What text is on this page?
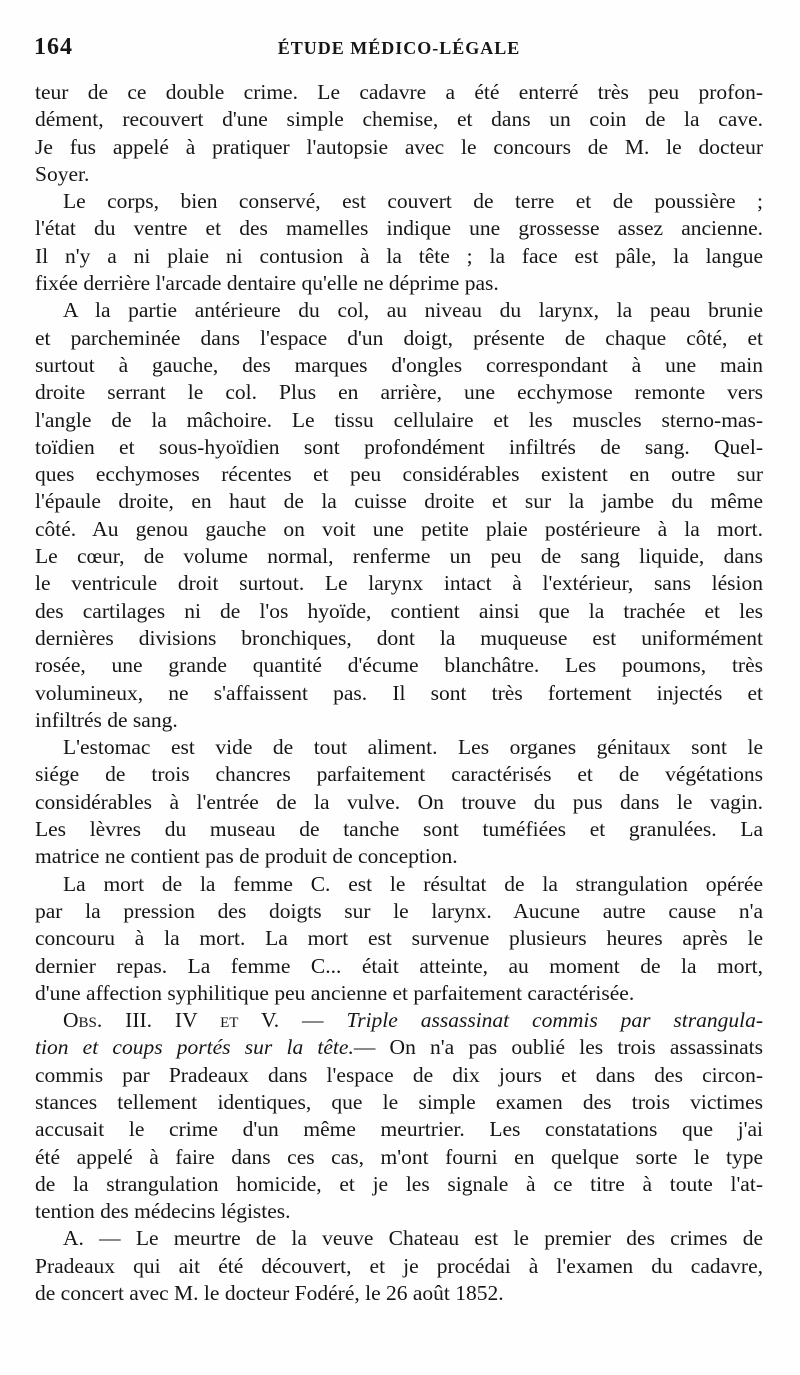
164	ÉTUDE MÉDICO-LÉGALE
teur de ce double crime. Le cadavre a été enterré très peu profon-
dément, recouvert d'une simple chemise, et dans un coin de la cave.
Je fus appelé à pratiquer l'autopsie avec le concours de M. le docteur
Soyer.
Le corps, bien conservé, est couvert de terre et de poussière ;
l'état du ventre et des mamelles indique une grossesse assez ancienne.
Il n'y a ni plaie ni contusion à la tête ; la face est pâle, la langue
fixée derrière l'arcade dentaire qu'elle ne déprime pas.
A la partie antérieure du col, au niveau du larynx, la peau brunie
et parcheminée dans l'espace d'un doigt, présente de chaque côté, et
surtout à gauche, des marques d'ongles correspondant à une main
droite serrant le col. Plus en arrière, une ecchymose remonte vers
l'angle de la mâchoire. Le tissu cellulaire et les muscles sterno-mas-
toïdien et sous-hyoïdien sont profondément infiltrés de sang. Quel-
ques ecchymoses récentes et peu considérables existent en outre sur
l'épaule droite, en haut de la cuisse droite et sur la jambe du même
côté. Au genou gauche on voit une petite plaie postérieure à la mort.
Le cœur, de volume normal, renferme un peu de sang liquide, dans
le ventricule droit surtout. Le larynx intact à l'extérieur, sans lésion
des cartilages ni de l'os hyoïde, contient ainsi que la trachée et les
dernières divisions bronchiques, dont la muqueuse est uniformément
rosée, une grande quantité d'écume blanchâtre. Les poumons, très
volumineux, ne s'affaissent pas. Il sont très fortement injectés et
infiltrés de sang.
L'estomac est vide de tout aliment. Les organes génitaux sont le
siége de trois chancres parfaitement caractérisés et de végétations
considérables à l'entrée de la vulve. On trouve du pus dans le vagin.
Les lèvres du museau de tanche sont tuméfiées et granulées. La
matrice ne contient pas de produit de conception.
La mort de la femme C. est le résultat de la strangulation opérée
par la pression des doigts sur le larynx. Aucune autre cause n'a
concouru à la mort. La mort est survenue plusieurs heures après le
dernier repas. La femme C... était atteinte, au moment de la mort,
d'une affection syphilitique peu ancienne et parfaitement caractérisée.
Obs. III. IV et V. — Triple assassinat commis par strangula-
tion et coups portés sur la tête.— On n'a pas oublié les trois assassinats
commis par Pradeaux dans l'espace de dix jours et dans des circon-
stances tellement identiques, que le simple examen des trois victimes
accusait le crime d'un même meurtrier. Les constatations que j'ai
été appelé à faire dans ces cas, m'ont fourni en quelque sorte le type
de la strangulation homicide, et je les signale à ce titre à toute l'at-
tention des médecins légistes.
A. — Le meurtre de la veuve Chateau est le premier des crimes de
Pradeaux qui ait été découvert, et je procédai à l'examen du cadavre,
de concert avec M. le docteur Fodéré, le 26 août 1852.
